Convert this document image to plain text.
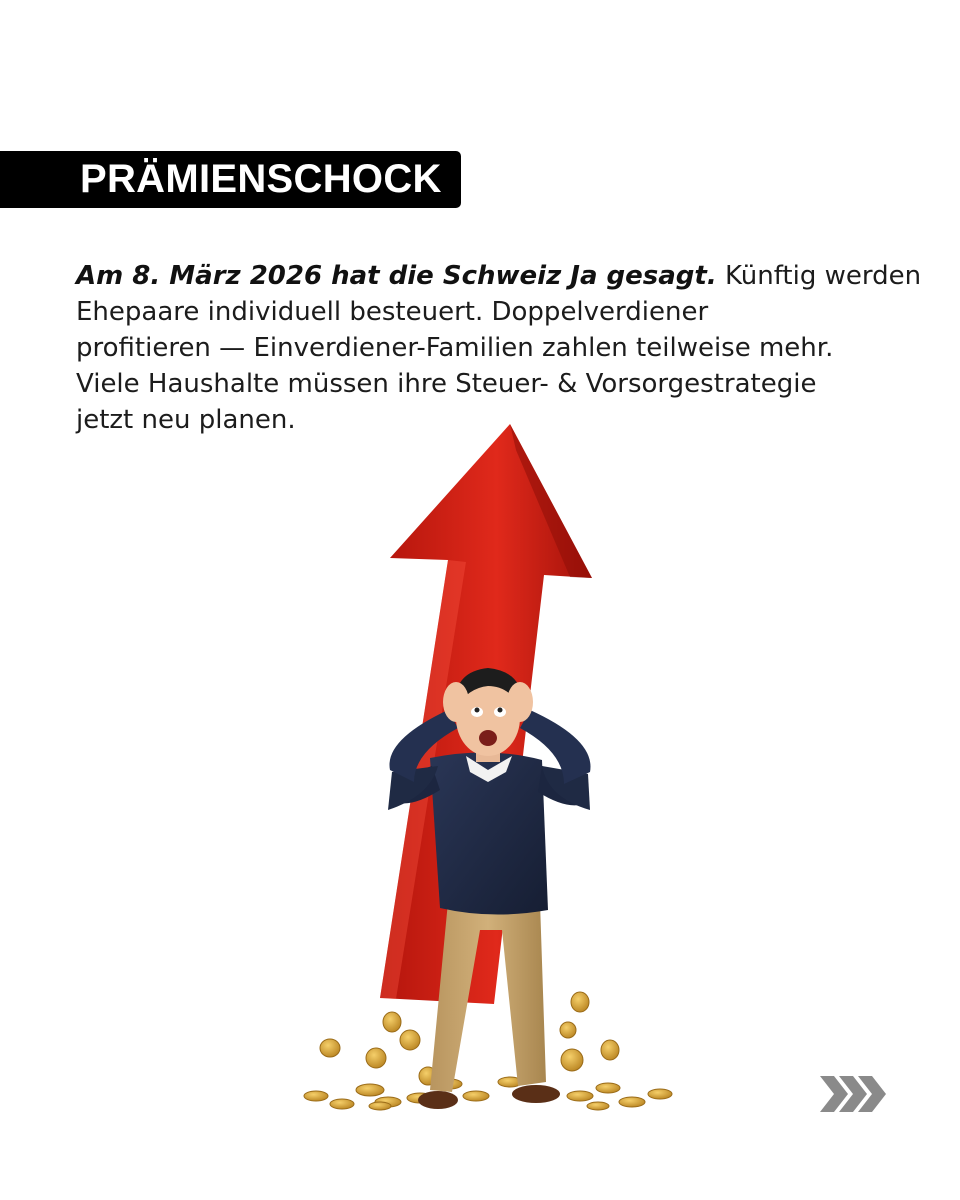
PRÄMIENSCHOCK

Am 8. März 2026 hat die Schweiz Ja gesagt. Künftig werden
Ehepaare individuell besteuert. Doppelverdiener
profitieren — Einverdiener-Familien zahlen teilweise mehr.
Viele Haushalte müssen ihre Steuer- & Vorsorgestrategie
jetzt neu planen.
